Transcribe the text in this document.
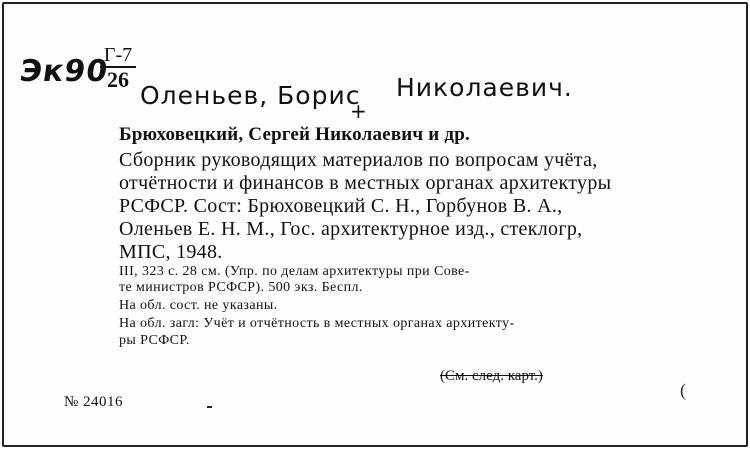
Эк90
Г-7
26
Оленьев, Борис Николаевич.
+
Брюховецкий, Сергей Николаевич и др.
Сборник руководящих материалов по вопросам учёта,
отчётности и финансов в местных органах архитектуры
РСФСР. Сост: Брюховецкий С. Н., Горбунов В. А.,
Оленьев Е. Н. М., Гос. архитектурное изд., стеклогр,
МПС, 1948.
III, 323 с. 28 см. (Упр. по делам архитектуры при Сове-
те министров РСФСР). 500 экз. Беспл.
На обл. сост. не указаны.
На обл. загл: Учёт и отчётность в местных органах архитекту-
ры РСФСР.
(См. след. карт.)
№ 24016
(
